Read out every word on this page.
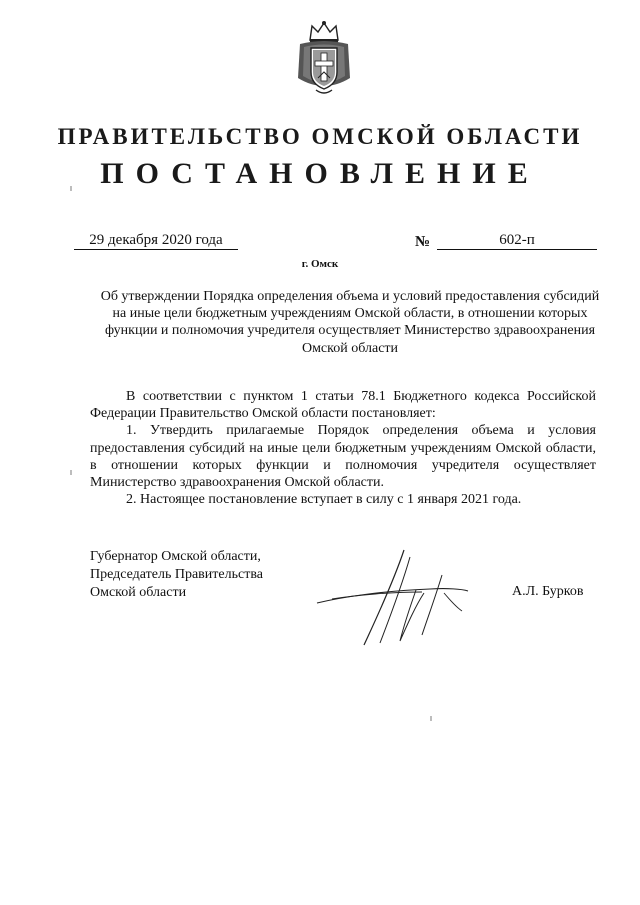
ПРАВИТЕЛЬСТВО ОМСКОЙ ОБЛАСТИ
ПОСТАНОВЛЕНИЕ
29 декабря 2020 года	№	602-п
г. Омск
Об утверждении Порядка определения объема и условий предоставления субсидий на иные цели бюджетным учреждениям Омской области, в отношении которых функции и полномочия учредителя осуществляет Министерство здравоохранения Омской области

В соответствии с пунктом 1 статьи 78.1 Бюджетного кодекса Российской Федерации Правительство Омской области постановляет:

1. Утвердить прилагаемые Порядок определения объема и условия предоставления субсидий на иные цели бюджетным учреждениям Омской области, в отношении которых функции и полномочия учредителя осуществляет Министерство здравоохранения Омской области.

2. Настоящее постановление вступает в силу с 1 января 2021 года.

Губернатор Омской области,
Председатель Правительства
Омской области	А.Л. Бурков
